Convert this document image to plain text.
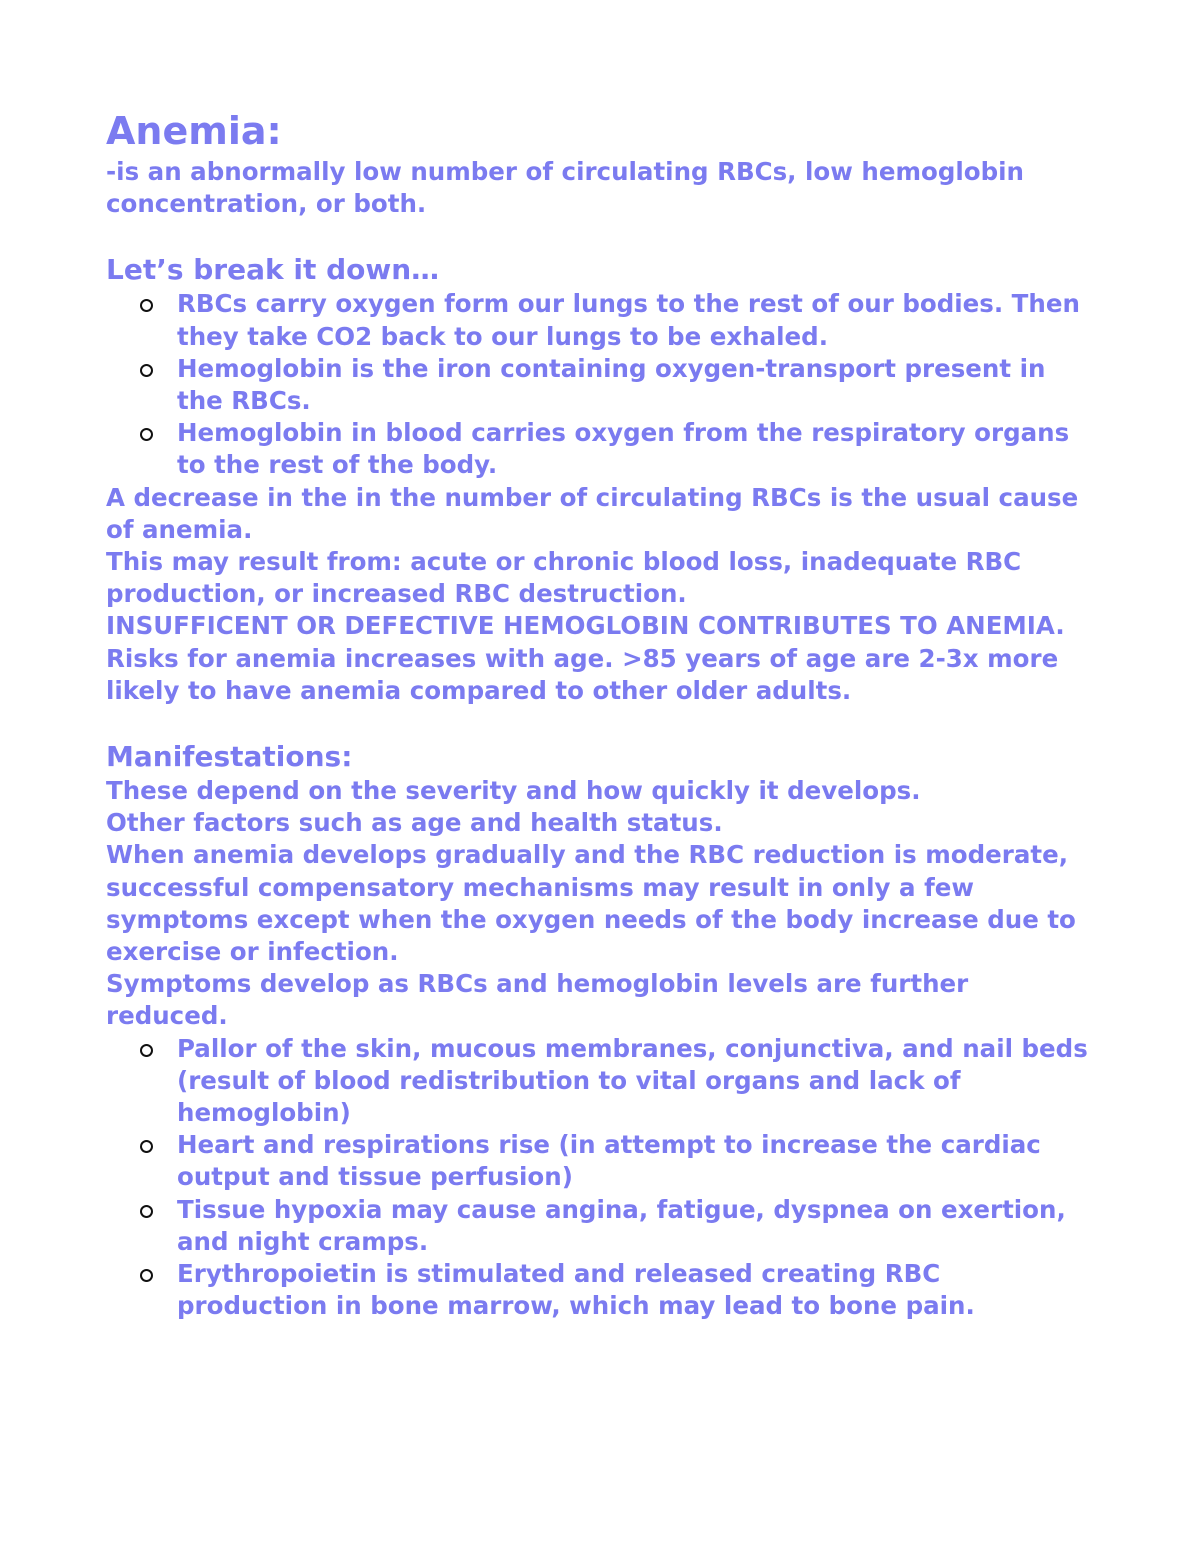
Anemia:

-is an abnormally low number of circulating RBCs, low hemoglobin concentration, or both.

Let’s break it down…
RBCs carry oxygen form our lungs to the rest of our bodies. Then they take CO2 back to our lungs to be exhaled.
Hemoglobin is the iron containing oxygen-transport present in the RBCs.
Hemoglobin in blood carries oxygen from the respiratory organs to the rest of the body.

A decrease in the in the number of circulating RBCs is the usual cause of anemia.

This may result from: acute or chronic blood loss, inadequate RBC production, or increased RBC destruction.

INSUFFICENT OR DEFECTIVE HEMOGLOBIN CONTRIBUTES TO ANEMIA. Risks for anemia increases with age. >85 years of age are 2-3x more likely to have anemia compared to other older adults.

Manifestations:

These depend on the severity and how quickly it develops.

Other factors such as age and health status.

When anemia develops gradually and the RBC reduction is moderate, successful compensatory mechanisms may result in only a few symptoms except when the oxygen needs of the body increase due to exercise or infection.

Symptoms develop as RBCs and hemoglobin levels are further reduced.

Pallor of the skin, mucous membranes, conjunctiva, and nail beds (result of blood redistribution to vital organs and lack of hemoglobin)
Heart and respirations rise (in attempt to increase the cardiac output and tissue perfusion)
Tissue hypoxia may cause angina, fatigue, dyspnea on exertion, and night cramps.
Erythropoietin is stimulated and released creating RBC production in bone marrow, which may lead to bone pain.
